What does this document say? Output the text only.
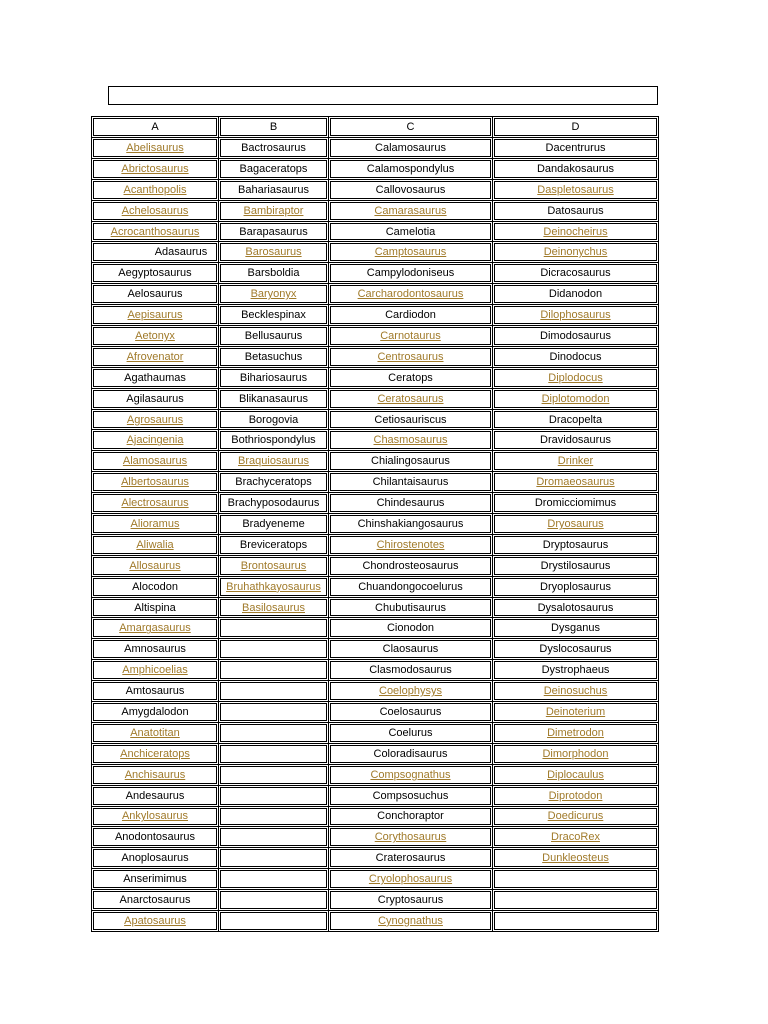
A	B	C	D
Abelisaurus	Bactrosaurus	Calamosaurus	Dacentrurus
Abrictosaurus	Bagaceratops	Calamospondylus	Dandakosaurus
Acanthopolis	Bahariasaurus	Callovosaurus	Daspletosaurus
Achelosaurus	Bambiraptor	Camarasaurus	Datosaurus
Acrocanthosaurus	Barapasaurus	Camelotia	Deinocheirus
Adasaurus	Barosaurus	Camptosaurus	Deinonychus
Aegyptosaurus	Barsboldia	Campylodoniseus	Dicracosaurus
Aelosaurus	Baryonyx	Carcharodontosaurus	Didanodon
Aepisaurus	Becklespinax	Cardiodon	Dilophosaurus
Aetonyx	Bellusaurus	Carnotaurus	Dimodosaurus
Afrovenator	Betasuchus	Centrosaurus	Dinodocus
Agathaumas	Bihariosaurus	Ceratops	Diplodocus
Agilasaurus	Blikanasaurus	Ceratosaurus	Diplotomodon
Agrosaurus	Borogovia	Cetiosauriscus	Dracopelta
Ajacingenia	Bothriospondylus	Chasmosaurus	Dravidosaurus
Alamosaurus	Braquiosaurus	Chialingosaurus	Drinker
Albertosaurus	Brachyceratops	Chilantaisaurus	Dromaeosaurus
Alectrosaurus	Brachyposodaurus	Chindesaurus	Dromicciomimus
Alioramus	Bradyeneme	Chinshakiangosaurus	Dryosaurus
Aliwalia	Breviceratops	Chirostenotes	Dryptosaurus
Allosaurus	Brontosaurus	Chondrosteosaurus	Drystilosaurus
Alocodon	Bruhathkayosaurus	Chuandongocoelurus	Dryoplosaurus
Altispina	Basilosaurus	Chubutisaurus	Dysalotosaurus
Amargasaurus		Cionodon	Dysganus
Amnosaurus		Claosaurus	Dyslocosaurus
Amphicoelias		Clasmodosaurus	Dystrophaeus
Amtosaurus		Coelophysys	Deinosuchus
Amygdalodon		Coelosaurus	Deinoterium
Anatotitan		Coelurus	Dimetrodon
Anchiceratops		Coloradisaurus	Dimorphodon
Anchisaurus		Compsognathus	Diplocaulus
Andesaurus		Compsosuchus	Diprotodon
Ankylosaurus		Conchoraptor	Doedicurus
Anodontosaurus		Corythosaurus	DracoRex
Anoplosaurus		Craterosaurus	Dunkleosteus
Anserimimus		Cryolophosaurus	
Anarctosaurus		Cryptosaurus	
Apatosaurus		Cynognathus	
